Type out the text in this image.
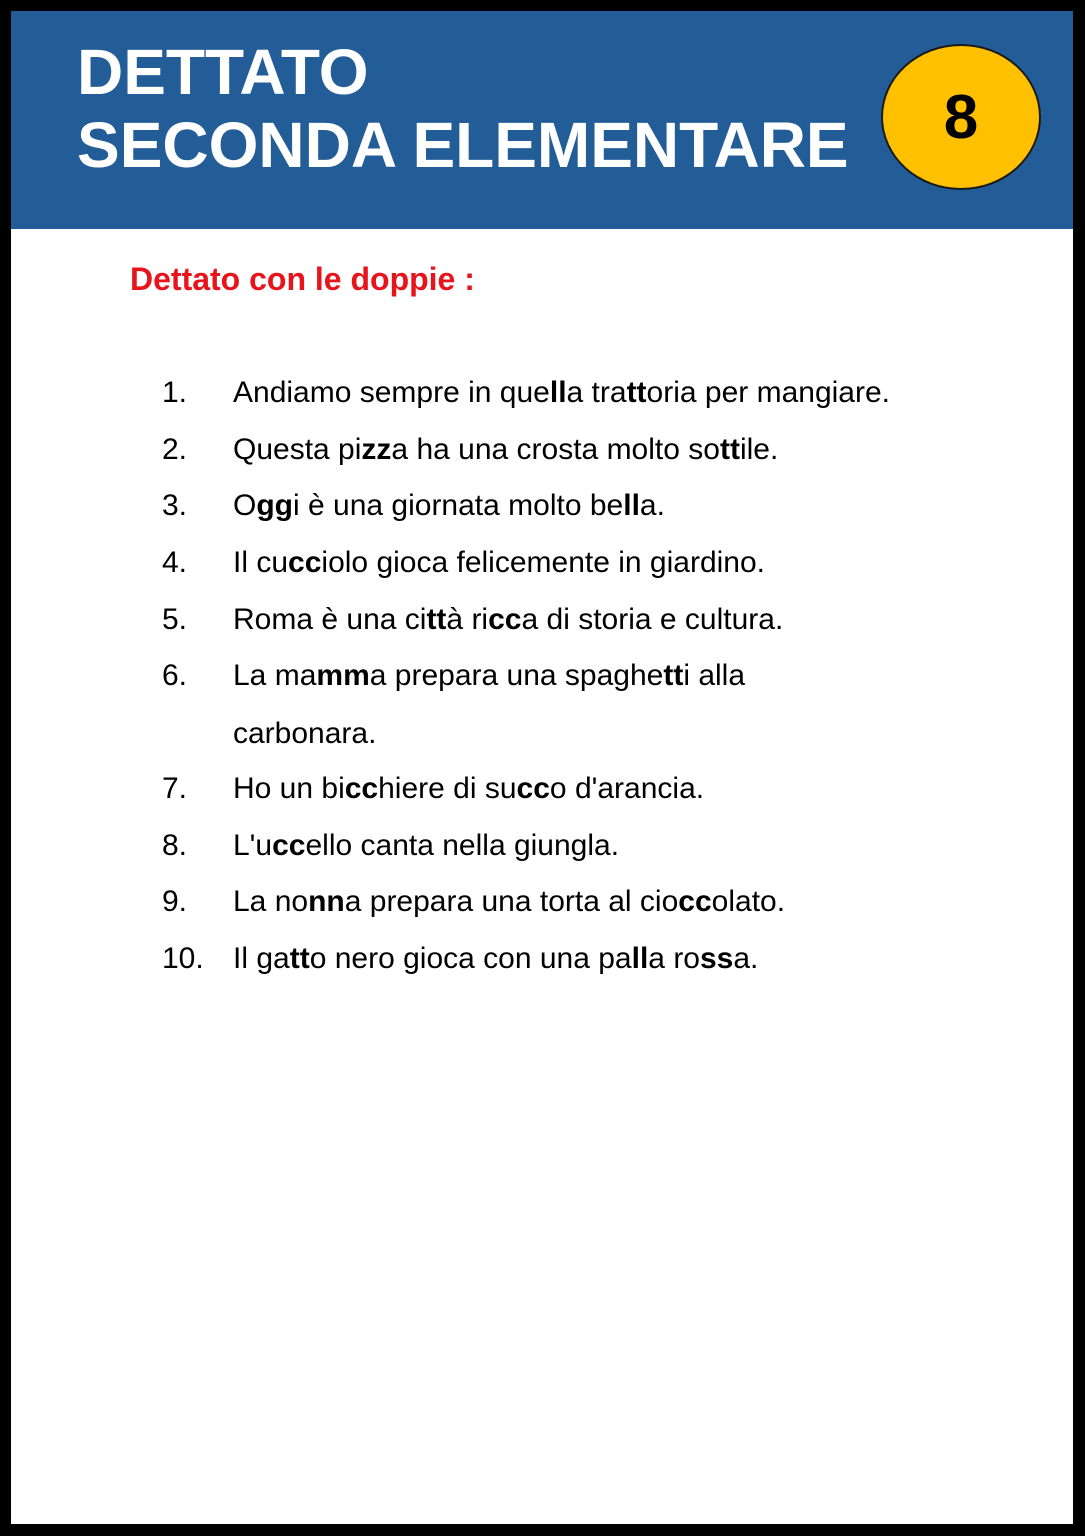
DETTATO
SECONDA ELEMENTARE	8
Dettato con le doppie :
1. Andiamo sempre in quella trattoria per mangiare.
2. Questa pizza ha una crosta molto sottile.
3. Oggi è una giornata molto bella.
4. Il cucciolo gioca felicemente in giardino.
5. Roma è una città ricca di storia e cultura.
6. La mamma prepara una spaghetti alla
carbonara.
7. Ho un bicchiere di succo d'arancia.
8. L'uccello canta nella giungla.
9. La nonna prepara una torta al cioccolato.
10. Il gatto nero gioca con una palla rossa.
